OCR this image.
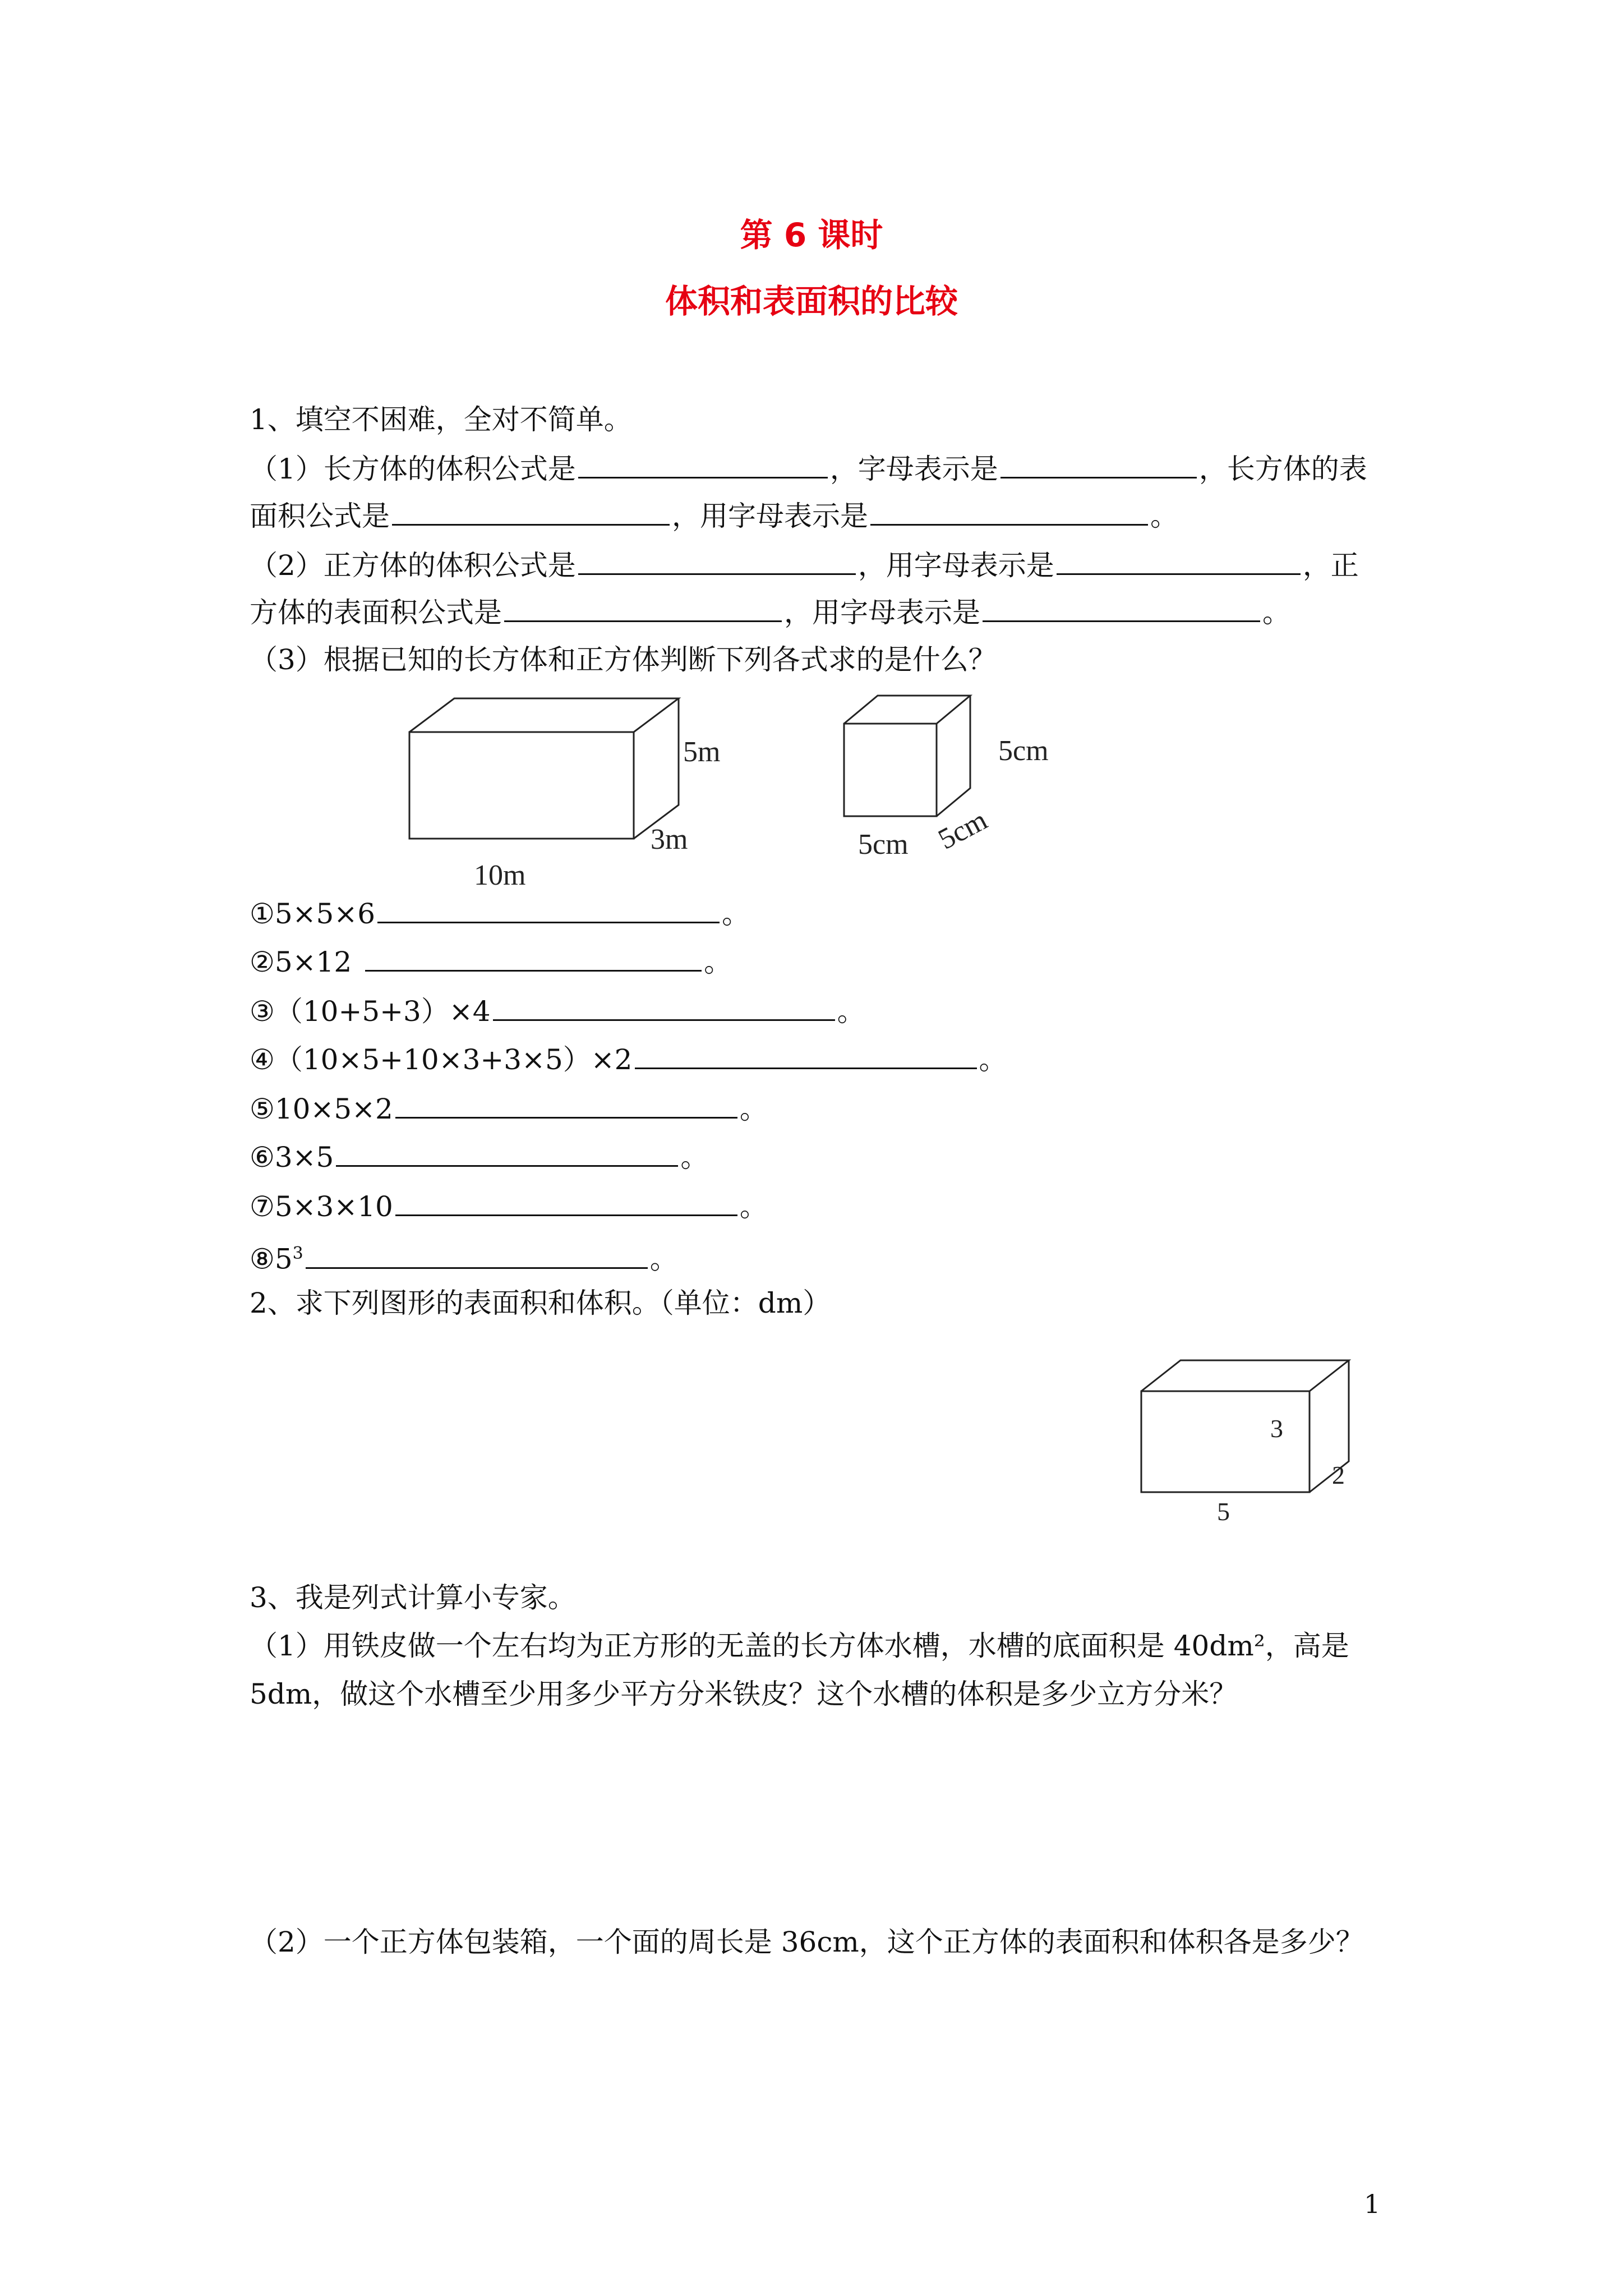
第 6 课时
体积和表面积的比较
1、填空不困难，全对不简单。
（1）长方体的体积公式是	，字母表示是	，长方体的表
面积公式是	，用字母表示是	。
（2）正方体的体积公式是	，用字母表示是	，正
方体的表面积公式是	，用字母表示是	。
（3）根据已知的长方体和正方体判断下列各式求的是什么？
5m
3m
10m
5cm
5cm 5cm
①5×5×6	。
②5×12	。
③（10+5+3）×4	。
④（10×5+10×3+3×5）×2	。
⑤10×5×2	。
⑥3×5	。
⑦5×3×10	。
$⑧5^3$	。
2、求下列图形的表面积和体积。（单位：dm）
3
2
5
3、我是列式计算小专家。
（1）用铁皮做一个左右均为正方形的无盖的长方体水槽，水槽的底面积是 40dm²，高是
5dm，做这个水槽至少用多少平方分米铁皮？这个水槽的体积是多少立方分米？
（2）一个正方体包装箱，一个面的周长是 36cm，这个正方体的表面积和体积各是多少？
1
